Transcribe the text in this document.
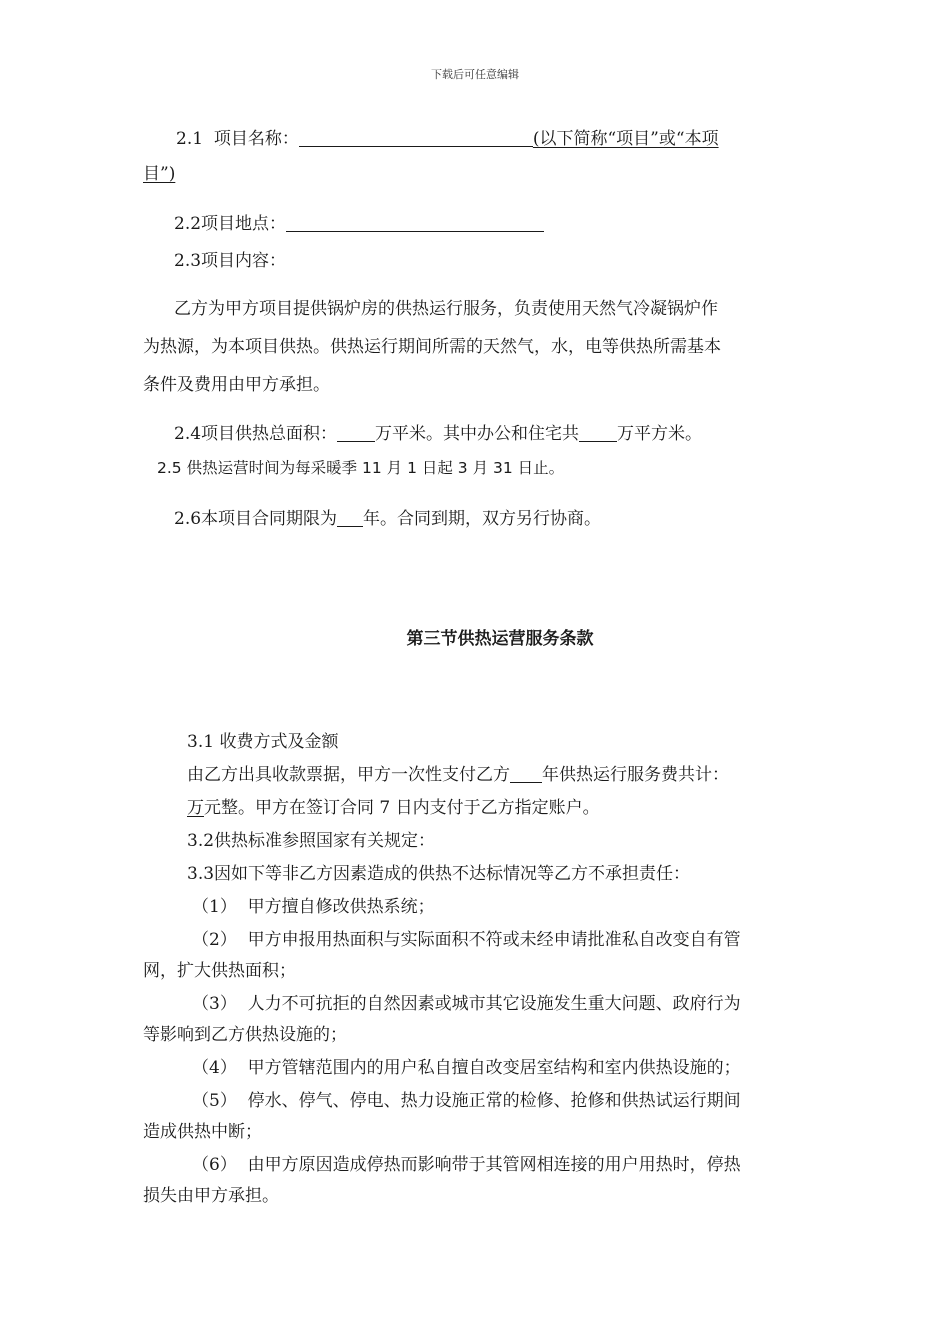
下载后可任意编辑
2.1 项目名称：	(以下简称“项目”或“本项
目”)
2.2项目地点：
2.3项目内容：
乙方为甲方项目提供锅炉房的供热运行服务，负责使用天然气冷凝锅炉作
为热源，为本项目供热。供热运行期间所需的天然气，水，电等供热所需基本
条件及费用由甲方承担。
2.4项目供热总面积： 万平米。其中办公和住宅共 万平方米。
2.5 供热运营时间为每采暖季 11 月 1 日起 3 月 31 日止。
2.6本项目合同期限为 年。合同到期，双方另行协商。
第三节供热运营服务条款
3.1 收费方式及金额
由乙方出具收款票据，甲方一次性支付乙方 年供热运行服务费共计：
万元整。甲方在签订合同 7 日内支付于乙方指定账户。
3.2供热标准参照国家有关规定：
3.3因如下等非乙方因素造成的供热不达标情况等乙方不承担责任：
（1） 甲方擅自修改供热系统；
（2） 甲方申报用热面积与实际面积不符或未经申请批准私自改变自有管
网，扩大供热面积；
（3） 人力不可抗拒的自然因素或城市其它设施发生重大问题、政府行为
等影响到乙方供热设施的；
（4） 甲方管辖范围内的用户私自擅自改变居室结构和室内供热设施的；
（5） 停水、停气、停电、热力设施正常的检修、抢修和供热试运行期间
造成供热中断；
（6） 由甲方原因造成停热而影响带于其管网相连接的用户用热时，停热
损失由甲方承担。
